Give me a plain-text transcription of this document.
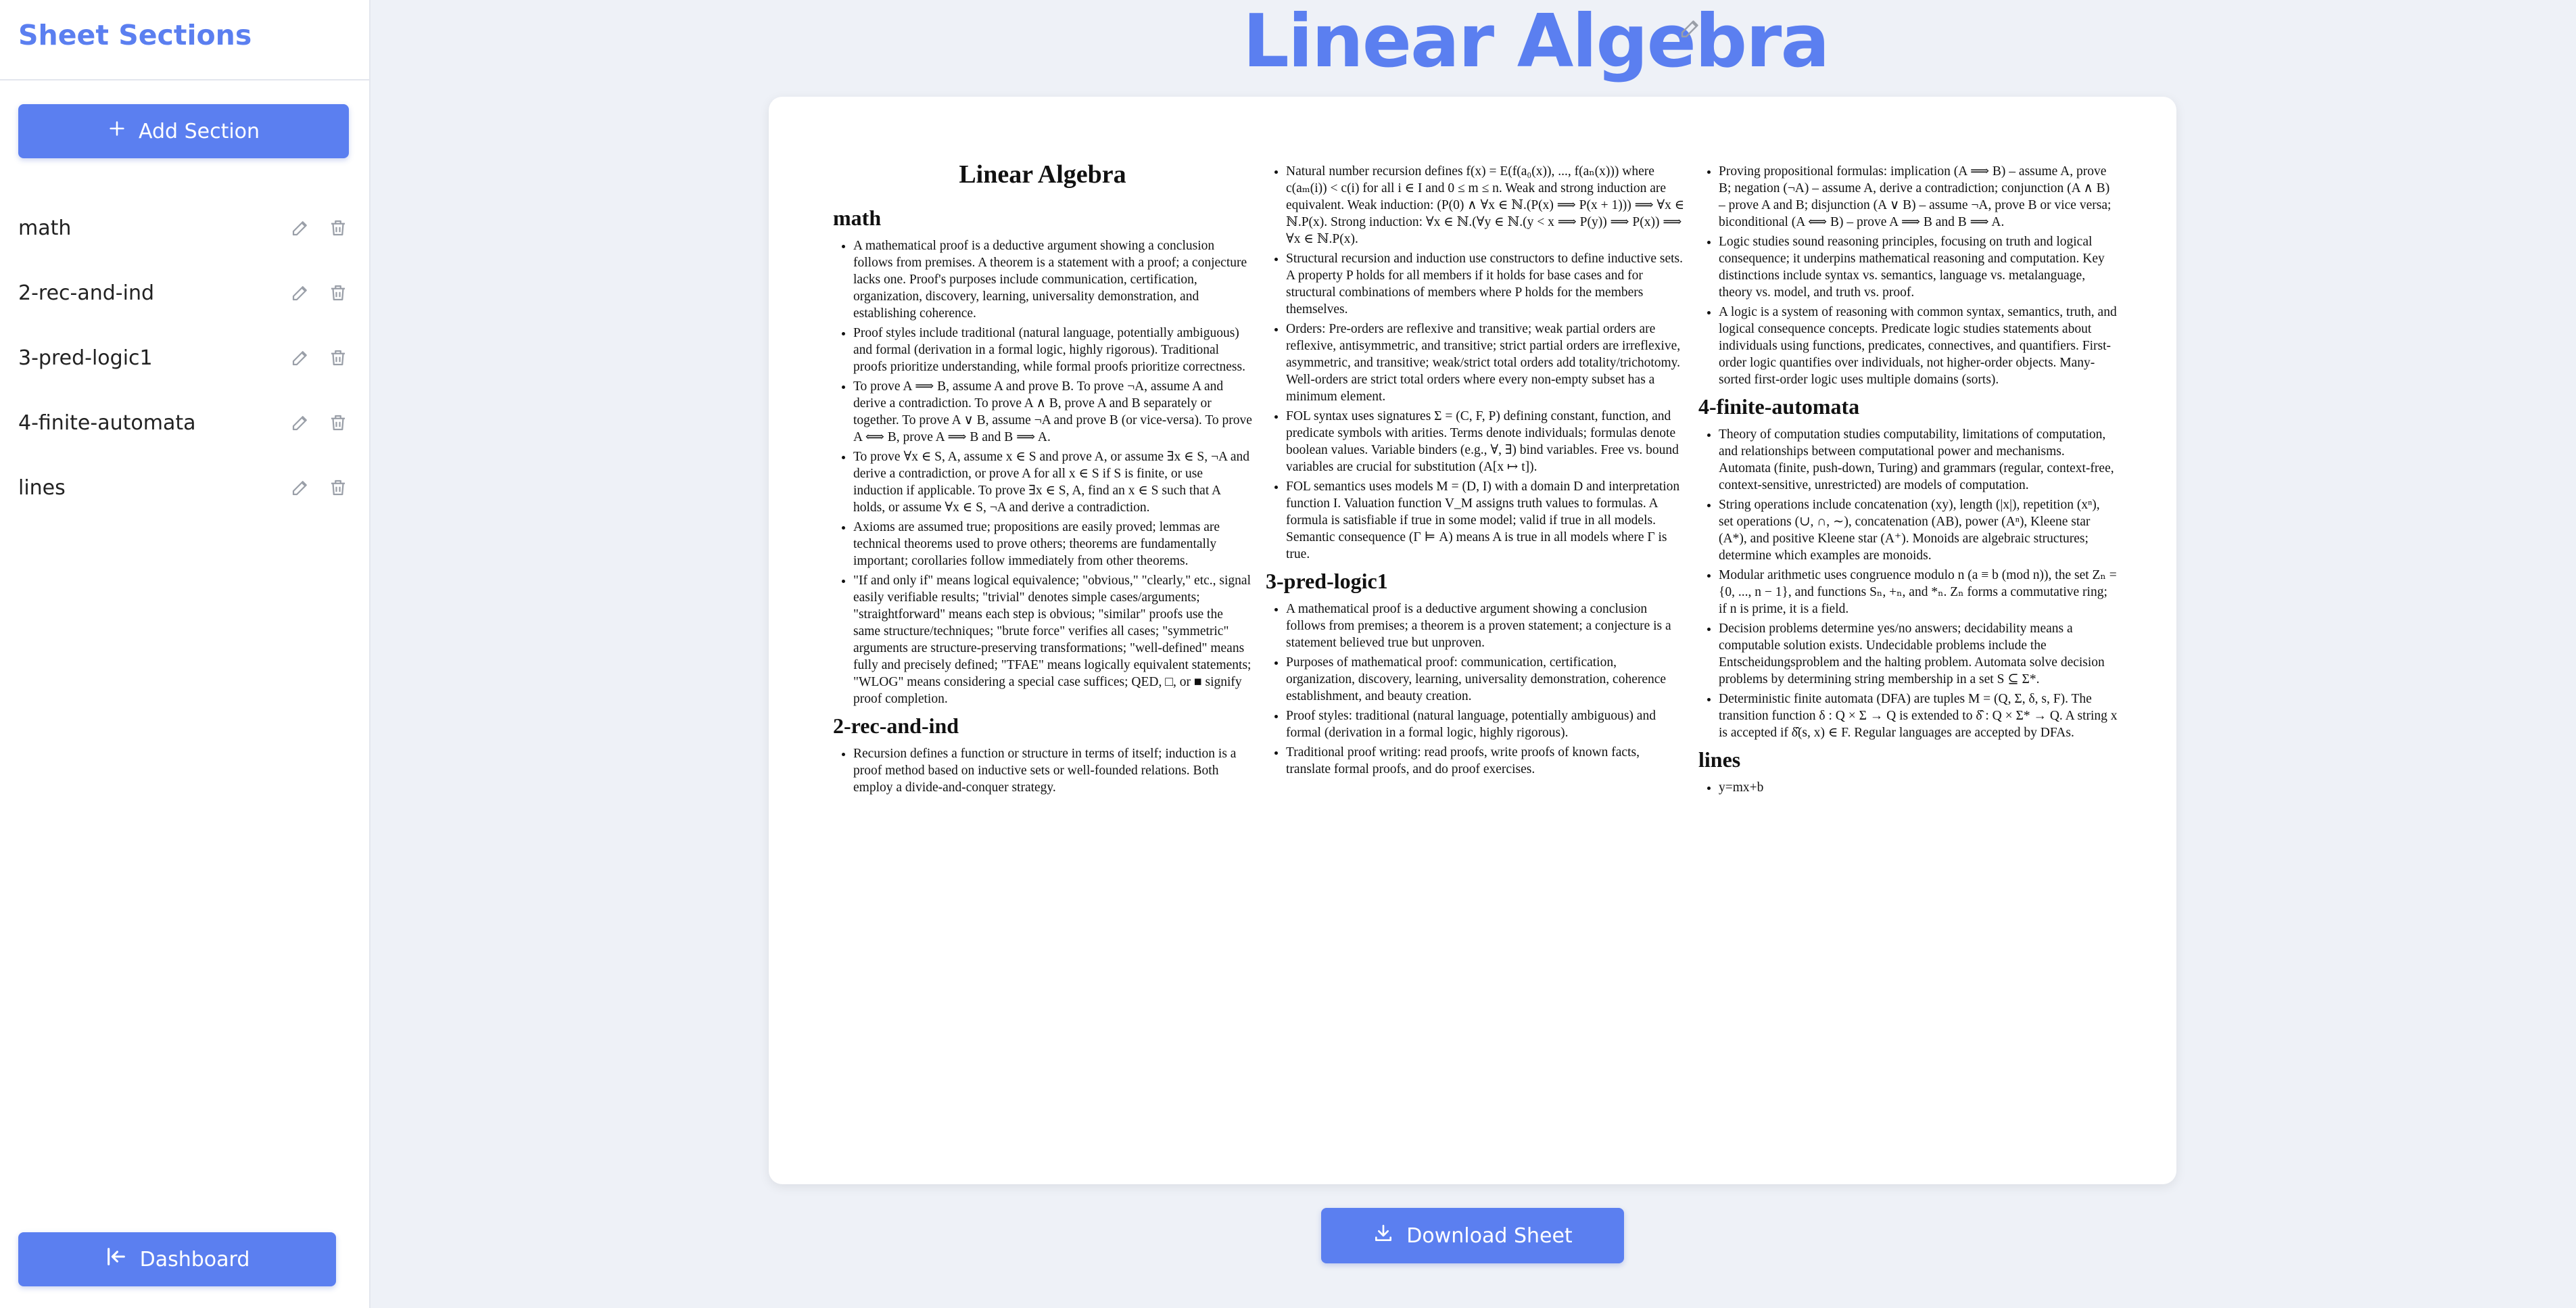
Sheet Sections
Add Section
math
2-rec-and-ind
3-pred-logic1
4-finite-automata
lines
Dashboard
Linear Algebra
Linear Algebra
math
• A mathematical proof is a deductive argument showing a conclusion follows from premises. A theorem is a statement with a proof; a conjecture lacks one. Proof's purposes include communication, certification, organization, discovery, learning, universality demonstration, and establishing coherence.
• Proof styles include traditional (natural language, potentially ambiguous) and formal (derivation in a formal logic, highly rigorous). Traditional proofs prioritize understanding, while formal proofs prioritize correctness.
• To prove A ⟹ B, assume A and prove B. To prove ¬A, assume A and derive a contradiction. To prove A ∧ B, prove A and B separately or together. To prove A ∨ B, assume ¬A and prove B (or vice-versa). To prove A ⟺ B, prove A ⟹ B and B ⟹ A.
• To prove ∀x ∈ S, A, assume x ∈ S and prove A, or assume ∃x ∈ S, ¬A and derive a contradiction, or prove A for all x ∈ S if S is finite, or use induction if applicable. To prove ∃x ∈ S, A, find an x ∈ S such that A holds, or assume ∀x ∈ S, ¬A and derive a contradiction.
• Axioms are assumed true; propositions are easily proved; lemmas are technical theorems used to prove others; theorems are fundamentally important; corollaries follow immediately from other theorems.
• "If and only if" means logical equivalence; "obvious," "clearly," etc., signal easily verifiable results; "trivial" denotes simple cases/arguments; "straightforward" means each step is obvious; "similar" proofs use the same structure/techniques; "brute force" verifies all cases; "symmetric" arguments are structure-preserving transformations; "well-defined" means fully and precisely defined; "TFAE" means logically equivalent statements; "WLOG" means considering a special case suffices; QED, □, or ■ signify proof completion.
2-rec-and-ind
• Recursion defines a function or structure in terms of itself; induction is a proof method based on inductive sets or well-founded relations. Both employ a divide-and-conquer strategy.
• Natural number recursion defines f(x) = E(f(a₀(x)), ..., f(aₙ(x))) where c(aₘ(i)) < c(i) for all i ∈ I and 0 ≤ m ≤ n. Weak and strong induction are equivalent. Weak induction: (P(0) ∧ ∀x ∈ ℕ.(P(x) ⟹ P(x + 1))) ⟹ ∀x ∈ ℕ.P(x). Strong induction: ∀x ∈ ℕ.(∀y ∈ ℕ.(y < x ⟹ P(y)) ⟹ P(x)) ⟹ ∀x ∈ ℕ.P(x).
• Structural recursion and induction use constructors to define inductive sets. A property P holds for all members if it holds for base cases and for structural combinations of members where P holds for the members themselves.
• Orders: Pre-orders are reflexive and transitive; weak partial orders are reflexive, antisymmetric, and transitive; strict partial orders are irreflexive, asymmetric, and transitive; weak/strict total orders add totality/trichotomy. Well-orders are strict total orders where every non-empty subset has a minimum element.
• FOL syntax uses signatures Σ = (C, F, P) defining constant, function, and predicate symbols with arities. Terms denote individuals; formulas denote boolean values. Variable binders (e.g., ∀, ∃) bind variables. Free vs. bound variables are crucial for substitution (A[x ↦ t]).
• FOL semantics uses models M = (D, I) with a domain D and interpretation function I. Valuation function V_M assigns truth values to formulas. A formula is satisfiable if true in some model; valid if true in all models. Semantic consequence (Γ ⊨ A) means A is true in all models where Γ is true.
3-pred-logic1
• A mathematical proof is a deductive argument showing a conclusion follows from premises; a theorem is a proven statement; a conjecture is a statement believed true but unproven.
• Purposes of mathematical proof: communication, certification, organization, discovery, learning, universality demonstration, coherence establishment, and beauty creation.
• Proof styles: traditional (natural language, potentially ambiguous) and formal (derivation in a formal logic, highly rigorous).
• Traditional proof writing: read proofs, write proofs of known facts, translate formal proofs, and do proof exercises.
• Proving propositional formulas: implication (A ⟹ B) – assume A, prove B; negation (¬A) – assume A, derive a contradiction; conjunction (A ∧ B) – prove A and B; disjunction (A ∨ B) – assume ¬A, prove B or vice versa; biconditional (A ⟺ B) – prove A ⟹ B and B ⟹ A.
• Logic studies sound reasoning principles, focusing on truth and logical consequence; it underpins mathematical reasoning and computation. Key distinctions include syntax vs. semantics, language vs. metalanguage, theory vs. model, and truth vs. proof.
• A logic is a system of reasoning with common syntax, semantics, truth, and logical consequence concepts. Predicate logic studies statements about individuals using functions, predicates, connectives, and quantifiers. First-order logic quantifies over individuals, not higher-order objects. Many-sorted first-order logic uses multiple domains (sorts).
4-finite-automata
• Theory of computation studies computability, limitations of computation, and relationships between computational power and mechanisms. Automata (finite, push-down, Turing) and grammars (regular, context-free, context-sensitive, unrestricted) are models of computation.
• String operations include concatenation (xy), length (|x|), repetition (xⁿ), set operations (∪, ∩, ∼), concatenation (AB), power (Aⁿ), Kleene star (A*), and positive Kleene star (A⁺). Monoids are algebraic structures; determine which examples are monoids.
• Modular arithmetic uses congruence modulo n (a ≡ b (mod n)), the set Zₙ = {0, ..., n − 1}, and functions Sₙ, +ₙ, and *ₙ. Zₙ forms a commutative ring; if n is prime, it is a field.
• Decision problems determine yes/no answers; decidability means a computable solution exists. Undecidable problems include the Entscheidungsproblem and the halting problem. Automata solve decision problems by determining string membership in a set S ⊆ Σ*.
• Deterministic finite automata (DFA) are tuples M = (Q, Σ, δ, s, F). The transition function δ : Q × Σ → Q is extended to δ̂ : Q × Σ* → Q. A string x is accepted if δ̂(s, x) ∈ F. Regular languages are accepted by DFAs.
lines
• y=mx+b
Download Sheet
